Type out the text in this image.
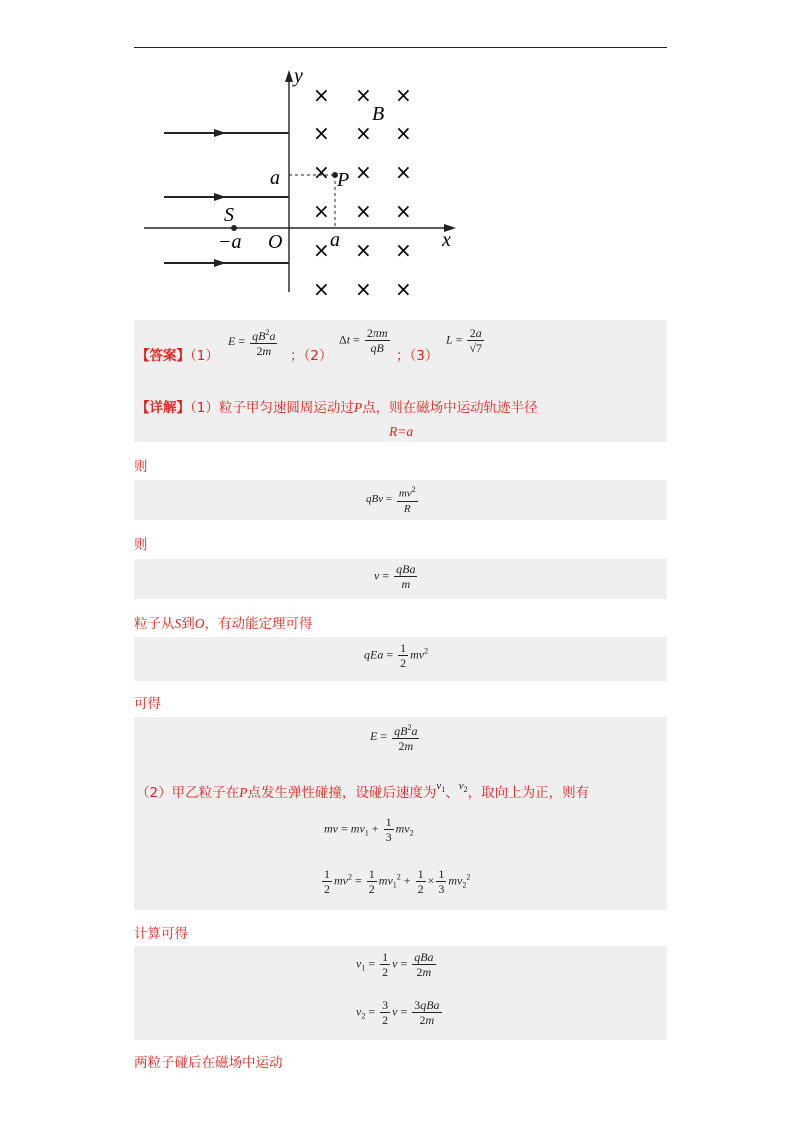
× × ×
× × ×
× × ×
× × ×
× × ×
× × ×
y
x
O
B
P
S
a
a
−a
【答案】（1）
$E = \frac{qB^2a}{2m}$ ；（2）
$\Delta t = \frac{2\pi m}{qB}$
；（3）
$L = \frac{2a}{√7}$
【详解】（1）粒子甲匀速圆周运动过P点，则在磁场中运动轨迹半径
R=a
则
qBv = $\frac{mv^2}{R}$
则
$v = \frac{\text{qBa}}{m}$
粒子从S到O，有动能定理可得
qEa = $\frac{1}{2} mv^2$
可得
$E = \frac{qB^2a}{2m}$
（2）甲乙粒子在P点发生弹性碰撞，设碰后速度为$^{v_1}$、$^{v_2}$，取向上为正，则有
mv = $mv_1 + \frac{1}{3} mv_2$
$\frac{1}{2} mv^2 = \frac{1}{2} mv_1^2 + \frac{1}{2} \times \frac{1}{3} mv_2^2$
计算可得
$v_1 = \frac{1}{2}$ $v = \frac{\text{qBa}}{2m}$
$v_2 = \frac{3}{2}$ $v = \frac{\text{3qBa}}{2m}$
两粒子碰后在磁场中运动
